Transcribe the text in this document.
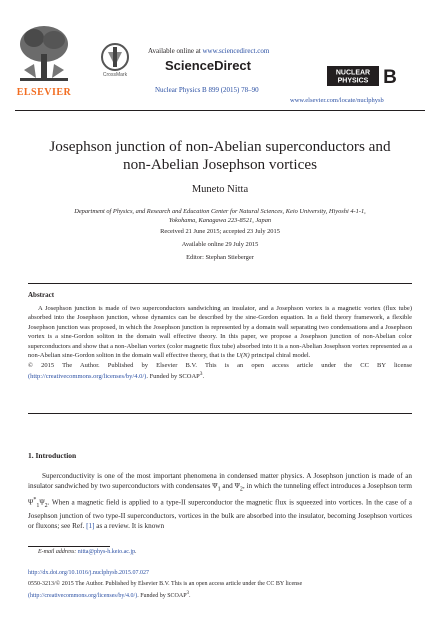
ELSEVIER
CrossMark
Available online at www.sciencedirect.com
ScienceDirect
Nuclear Physics B 899 (2015) 78–90
NUCLEAR
PHYSICS B
www.elsevier.com/locate/nuclphysb
Josephson junction of non-Abelian superconductors and
non-Abelian Josephson vortices
Muneto Nitta
Department of Physics, and Research and Education Center for Natural Sciences, Keio University, Hiyoshi 4-1-1,
Yokohama, Kanagawa 223-8521, Japan
Received 21 June 2015; accepted 23 July 2015
Available online 29 July 2015
Editor: Stephan Stieberger
Abstract

A Josephson junction is made of two superconductors sandwiching an insulator, and a Josephson vortex is a magnetic vortex (flux tube) absorbed into the Josephson junction, whose dynamics can be described by the sine-Gordon equation. In a field theory framework, a flexible Josephson junction was proposed, in which the Josephson junction is represented by a domain wall separating two condensations and a Josephson vortex is a sine-Gordon soliton in the domain wall effective theory. In this paper, we propose a Josephson junction of non-Abelian color superconductors and show that a non-Abelian vortex (color magnetic flux tube) absorbed into it is a non-Abelian Josephson vortex represented as a non-Abelian sine-Gordon soliton in the domain wall effective theory, that is the U(N) principal chiral model.

© 2015 The Author. Published by Elsevier B.V. This is an open access article under the CC BY license (http://creativecommons.org/licenses/by/4.0/). Funded by SCOAP$^3$.

1. Introduction

Superconductivity is one of the most important phenomena in condensed matter physics. A Josephson junction is made of an insulator sandwiched by two superconductors with condensates $\Psi_1$ and $\Psi_2$, in which the tunneling effect introduces a Josephson term $\Psi^*_1\Psi_2$. When a magnetic field is applied to a type-II superconductor the magnetic flux is squeezed into vortices. In the case of a Josephson junction of two type-II superconductors, vortices in the bulk are absorbed into the insulator, becoming Josephson vortices or fluxons; see Ref. [1] as a review. It is known

E-mail address: nitta@phys-h.keio.ac.jp.
http://dx.doi.org/10.1016/j.nuclphysb.2015.07.027
0550-3213/© 2015 The Author. Published by Elsevier B.V. This is an open access article under the CC BY license
(http://creativecommons.org/licenses/by/4.0/). Funded by SCOAP$^3$.
